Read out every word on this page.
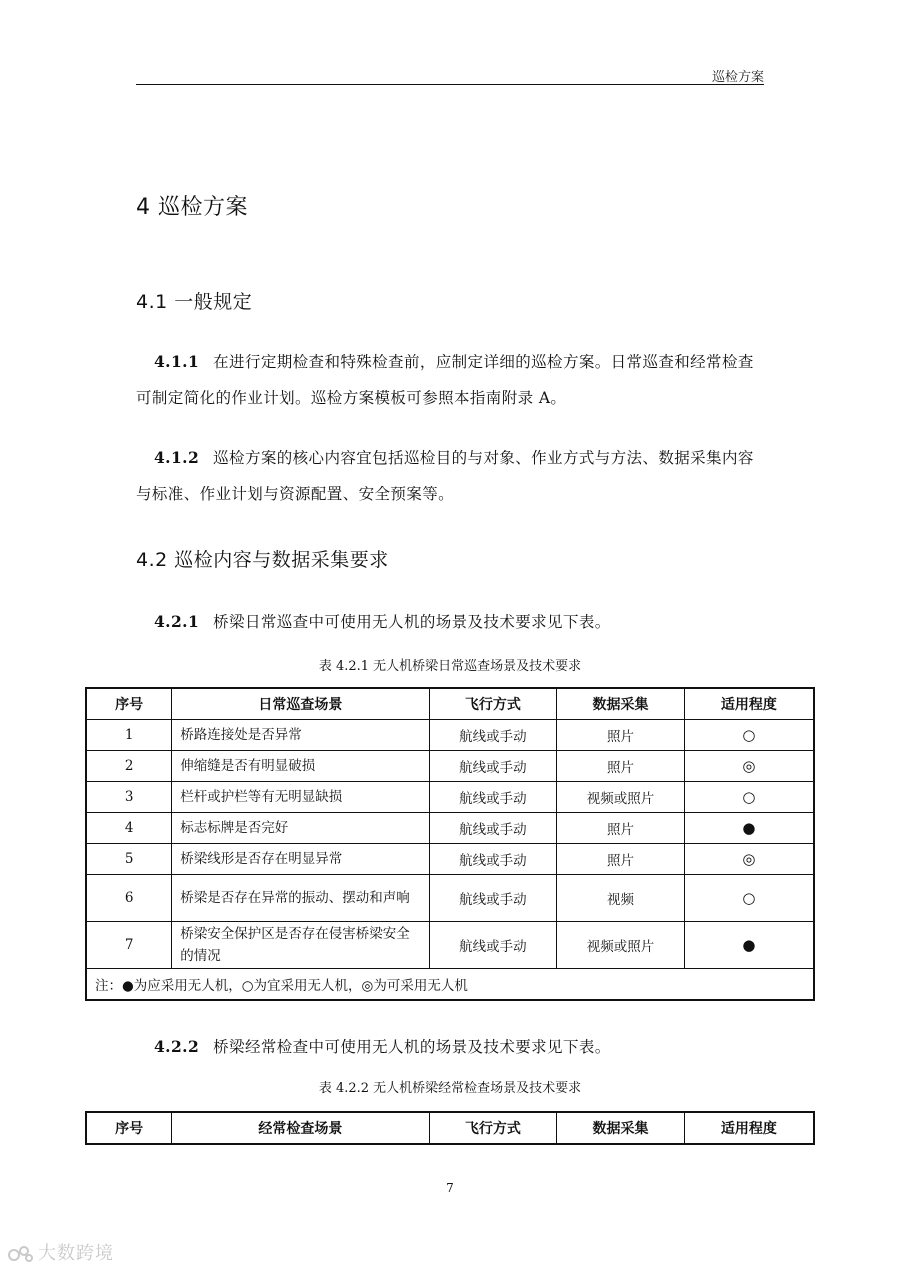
巡检方案
4 巡检方案
4.1 一般规定
4.1.1 在进行定期检查和特殊检查前，应制定详细的巡检方案。日常巡查和经常检查可制定简化的作业计划。巡检方案模板可参照本指南附录 A。
4.1.2 巡检方案的核心内容宜包括巡检目的与对象、作业方式与方法、数据采集内容与标准、作业计划与资源配置、安全预案等。
4.2 巡检内容与数据采集要求
4.2.1 桥梁日常巡查中可使用无人机的场景及技术要求见下表。
表 4.2.1 无人机桥梁日常巡查场景及技术要求
序号	日常巡查场景	飞行方式	数据采集	适用程度
1	桥路连接处是否异常	航线或手动	照片	○
2	伸缩缝是否有明显破损	航线或手动	照片	◎
3	栏杆或护栏等有无明显缺损	航线或手动	视频或照片	○
4	标志标牌是否完好	航线或手动	照片	●
5	桥梁线形是否存在明显异常	航线或手动	照片	◎
6	桥梁是否存在异常的振动、摆动和声响	航线或手动	视频	○
7	桥梁安全保护区是否存在侵害桥梁安全的情况	航线或手动	视频或照片	●
注：●为应采用无人机，○为宜采用无人机，◎为可采用无人机				
4.2.2 桥梁经常检查中可使用无人机的场景及技术要求见下表。
表 4.2.2 无人机桥梁经常检查场景及技术要求
序号	经常检查场景	飞行方式	数据采集	适用程度
7
大数跨境
